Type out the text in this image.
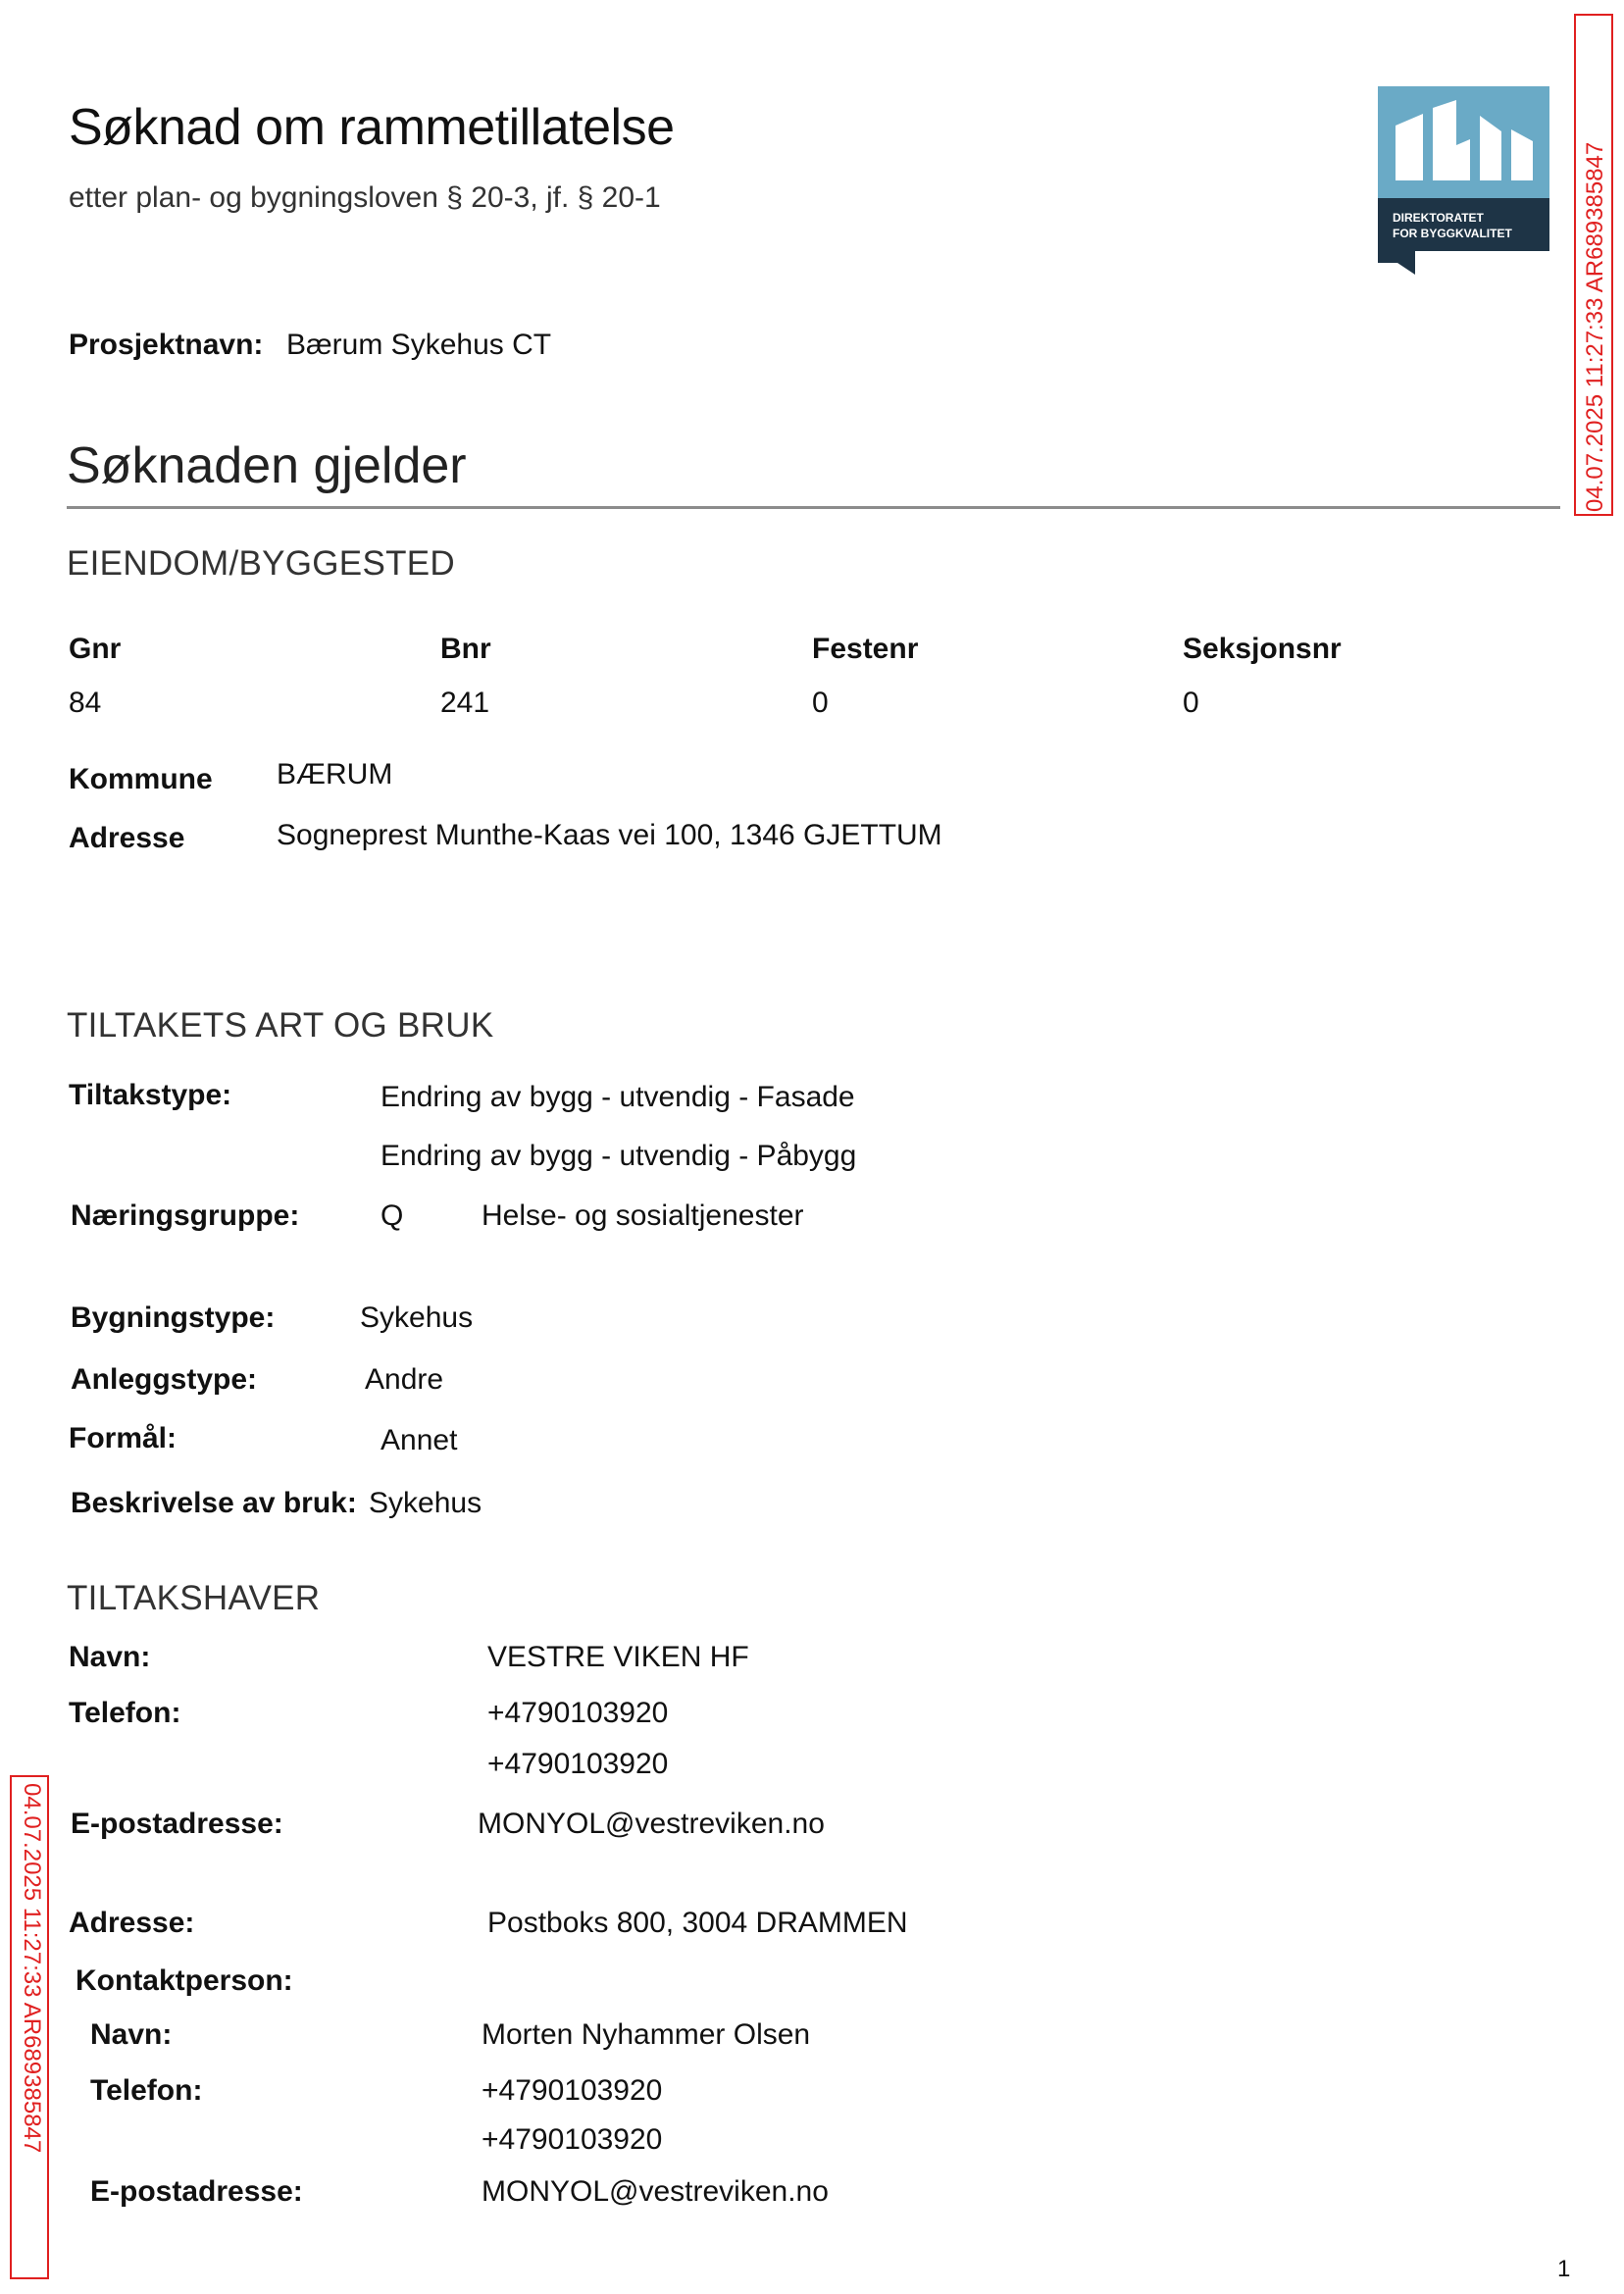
Søknad om rammetillatelse
etter plan- og bygningsloven § 20-3, jf. § 20-1
DIREKTORATET
FOR BYGGKVALITET	04.07.2025 11:27:33 AR689385847
Prosjektnavn: Bærum Sykehus CT
Søknaden gjelder
EIENDOM/BYGGESTED
Gnr	Bnr	Festenr	Seksjonsnr
84	241	0	0
Kommune BÆRUM
Adresse	Sogneprest Munthe-Kaas vei 100, 1346 GJETTUM
TILTAKETS ART OG BRUK
Tiltakstype:	Endring av bygg - utvendig - Fasade
Endring av bygg - utvendig - Påbygg
Næringsgruppe:	Q	Helse- og sosialtjenester
Bygningstype:	Sykehus
Anleggstype:	Andre
Formål:	Annet
Beskrivelse av bruk: Sykehus
TILTAKSHAVER
Navn:	VESTRE VIKEN HF
Telefon:	+4790103920
+4790103920
E-postadresse:	MONYOL@vestreviken.no
Adresse:	Postboks 800, 3004 DRAMMEN
Kontaktperson:
Navn:	Morten Nyhammer Olsen
Telefon:	+4790103920
+4790103920
E-postadresse:	MONYOL@vestreviken.no
04.07.2025 11:27:33 AR689385847
1
